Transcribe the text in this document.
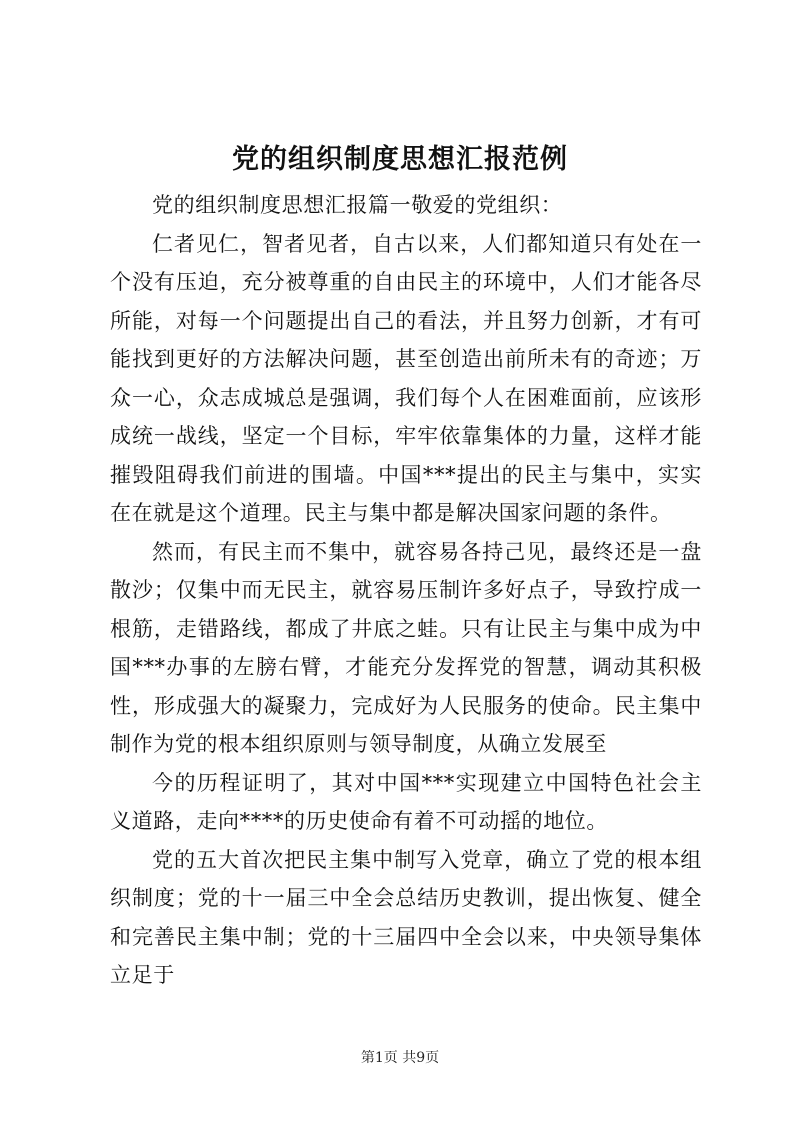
党的组织制度思想汇报范例

党的组织制度思想汇报篇一敬爱的党组织：

仁者见仁，智者见者，自古以来，人们都知道只有处在一个没有压迫，充分被尊重的自由民主的环境中，人们才能各尽所能，对每一个问题提出自己的看法，并且努力创新，才有可能找到更好的方法解决问题，甚至创造出前所未有的奇迹；万众一心，众志成城总是强调，我们每个人在困难面前，应该形成统一战线，坚定一个目标，牢牢依靠集体的力量，这样才能摧毁阻碍我们前进的围墙。中国***提出的民主与集中，实实在在就是这个道理。民主与集中都是解决国家问题的条件。

然而，有民主而不集中，就容易各持己见，最终还是一盘散沙；仅集中而无民主，就容易压制许多好点子，导致拧成一根筋，走错路线，都成了井底之蛙。只有让民主与集中成为中国***办事的左膀右臂，才能充分发挥党的智慧，调动其积极性，形成强大的凝聚力，完成好为人民服务的使命。民主集中制作为党的根本组织原则与领导制度，从确立发展至

今的历程证明了，其对中国***实现建立中国特色社会主义道路，走向****的历史使命有着不可动摇的地位。

党的五大首次把民主集中制写入党章，确立了党的根本组织制度；党的十一届三中全会总结历史教训，提出恢复、健全和完善民主集中制；党的十三届四中全会以来，中央领导集体立足于

第1页 共9页
